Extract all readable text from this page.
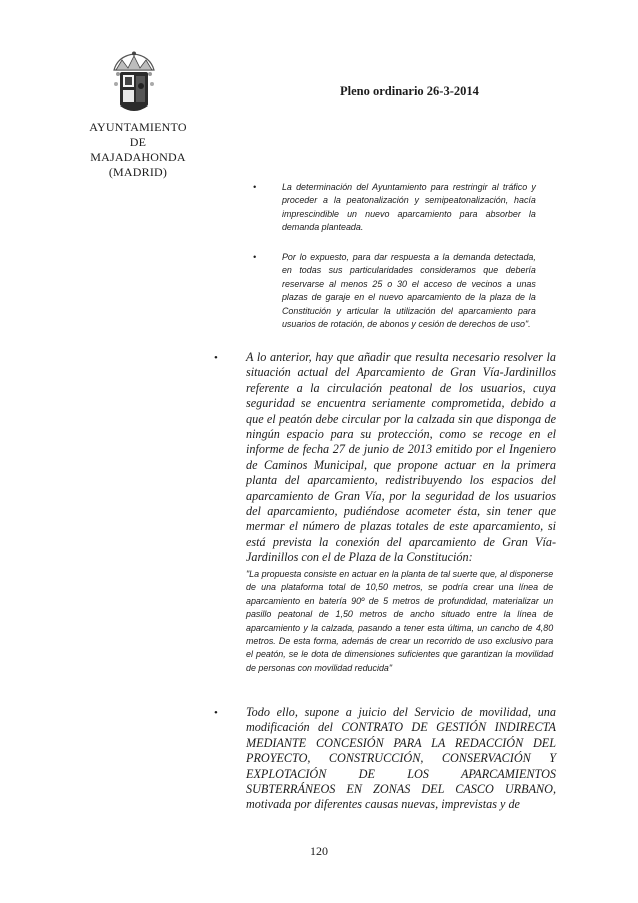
AYUNTAMIENTO DE
MAJADAHONDA
(MADRID)
Pleno ordinario 26-3-2014
•	La determinación del Ayuntamiento para restringir al tráfico y proceder a la peatonalización y semipeatonalización, hacía imprescindible un nuevo aparcamiento para absorber la demanda planteada.
•	Por lo expuesto, para dar respuesta a la demanda detectada, en todas sus particularidades consideramos que debería reservarse al menos 25 o 30 el acceso de vecinos a unas plazas de garaje en el nuevo aparcamiento de la plaza de la Constitución y articular la utilización del aparcamiento para usuarios de rotación, de abonos y cesión de derechos de uso".
• A lo anterior, hay que añadir que resulta necesario resolver la situación actual del Aparcamiento de Gran Vía-Jardinillos referente a la circulación peatonal de los usuarios, cuya seguridad se encuentra seriamente comprometida, debido a que el peatón debe circular por la calzada sin que disponga de ningún espacio para su protección, como se recoge en el informe de fecha 27 de junio de 2013 emitido por el Ingeniero de Caminos Municipal, que propone actuar en la primera planta del aparcamiento, redistribuyendo los espacios del aparcamiento de Gran Vía, por la seguridad de los usuarios del aparcamiento, pudiéndose acometer ésta, sin tener que mermar el número de plazas totales de este aparcamiento, si está prevista la conexión del aparcamiento de Gran Vía-Jardinillos con el de Plaza de la Constitución:
"La propuesta consiste en actuar en la planta de tal suerte que, al disponerse de una plataforma total de 10,50 metros, se podría crear una línea de aparcamiento en batería 90º de 5 metros de profundidad, materializar un pasillo peatonal de 1,50 metros de ancho situado entre la línea de aparcamiento y la calzada, pasando a tener esta última, un cancho de 4,80 metros. De esta forma, además de crear un recorrido de uso exclusivo para el peatón, se le dota de dimensiones suficientes que garantizan la movilidad de personas con movilidad reducida"
• Todo ello, supone a juicio del Servicio de movilidad, una modificación del CONTRATO DE GESTIÓN INDIRECTA MEDIANTE CONCESIÓN PARA LA REDACCIÓN DEL PROYECTO, CONSTRUCCIÓN, CONSERVACIÓN Y EXPLOTACIÓN DE LOS APARCAMIENTOS SUBTERRÁNEOS EN ZONAS DEL CASCO URBANO, motivada por diferentes causas nuevas, imprevistas y de
120
